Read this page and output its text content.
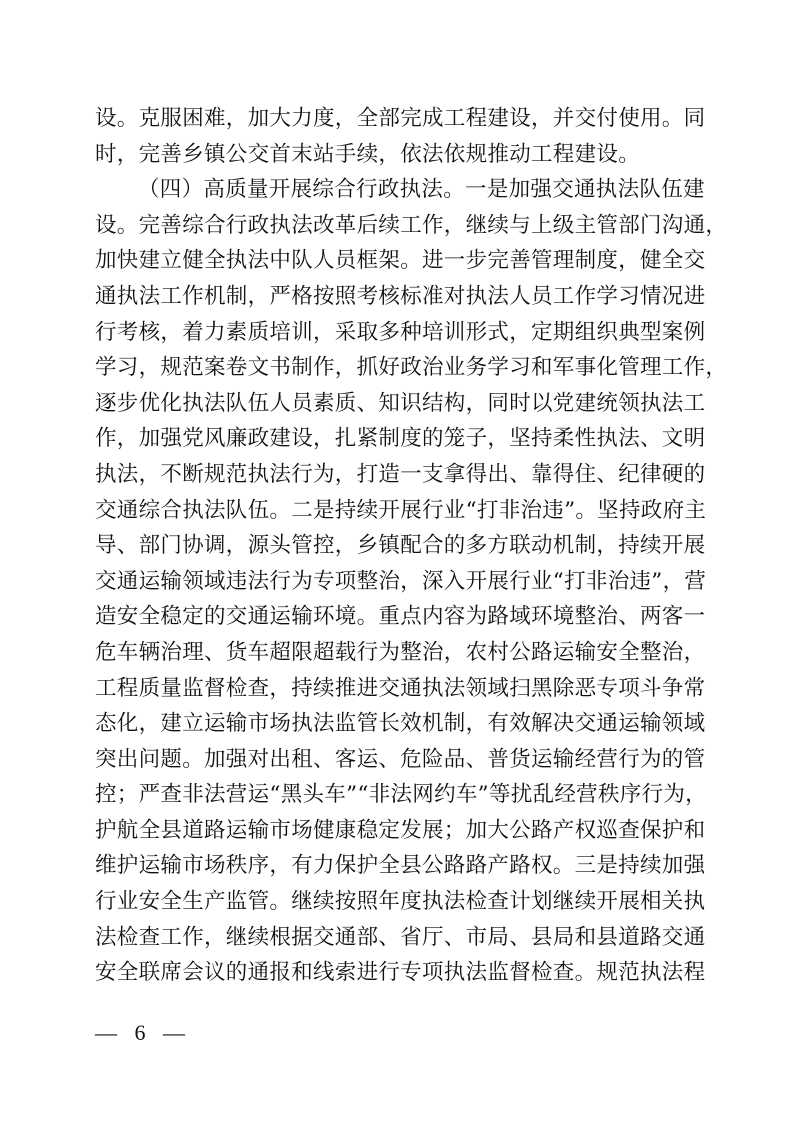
设。克服困难，加大力度，全部完成工程建设，并交付使用。同
时，完善乡镇公交首末站手续，依法依规推动工程建设。
（四）高质量开展综合行政执法。一是加强交通执法队伍建
设。完善综合行政执法改革后续工作，继续与上级主管部门沟通，
加快建立健全执法中队人员框架。进一步完善管理制度，健全交
通执法工作机制，严格按照考核标准对执法人员工作学习情况进
行考核，着力素质培训，采取多种培训形式，定期组织典型案例
学习，规范案卷文书制作，抓好政治业务学习和军事化管理工作，
逐步优化执法队伍人员素质、知识结构，同时以党建统领执法工
作，加强党风廉政建设，扎紧制度的笼子，坚持柔性执法、文明
执法，不断规范执法行为，打造一支拿得出、靠得住、纪律硬的
交通综合执法队伍。二是持续开展行业“打非治违”。坚持政府主
导、部门协调，源头管控，乡镇配合的多方联动机制，持续开展
交通运输领域违法行为专项整治，深入开展行业“打非治违”，营
造安全稳定的交通运输环境。重点内容为路域环境整治、两客一
危车辆治理、货车超限超载行为整治，农村公路运输安全整治，
工程质量监督检查，持续推进交通执法领域扫黑除恶专项斗争常
态化，建立运输市场执法监管长效机制，有效解决交通运输领域
突出问题。加强对出租、客运、危险品、普货运输经营行为的管
控；严查非法营运“黑头车”“非法网约车”等扰乱经营秩序行为，
护航全县道路运输市场健康稳定发展；加大公路产权巡查保护和
维护运输市场秩序，有力保护全县公路路产路权。三是持续加强
行业安全生产监管。继续按照年度执法检查计划继续开展相关执
法检查工作，继续根据交通部、省厅、市局、县局和县道路交通
安全联席会议的通报和线索进行专项执法监督检查。规范执法程
— 6 —
